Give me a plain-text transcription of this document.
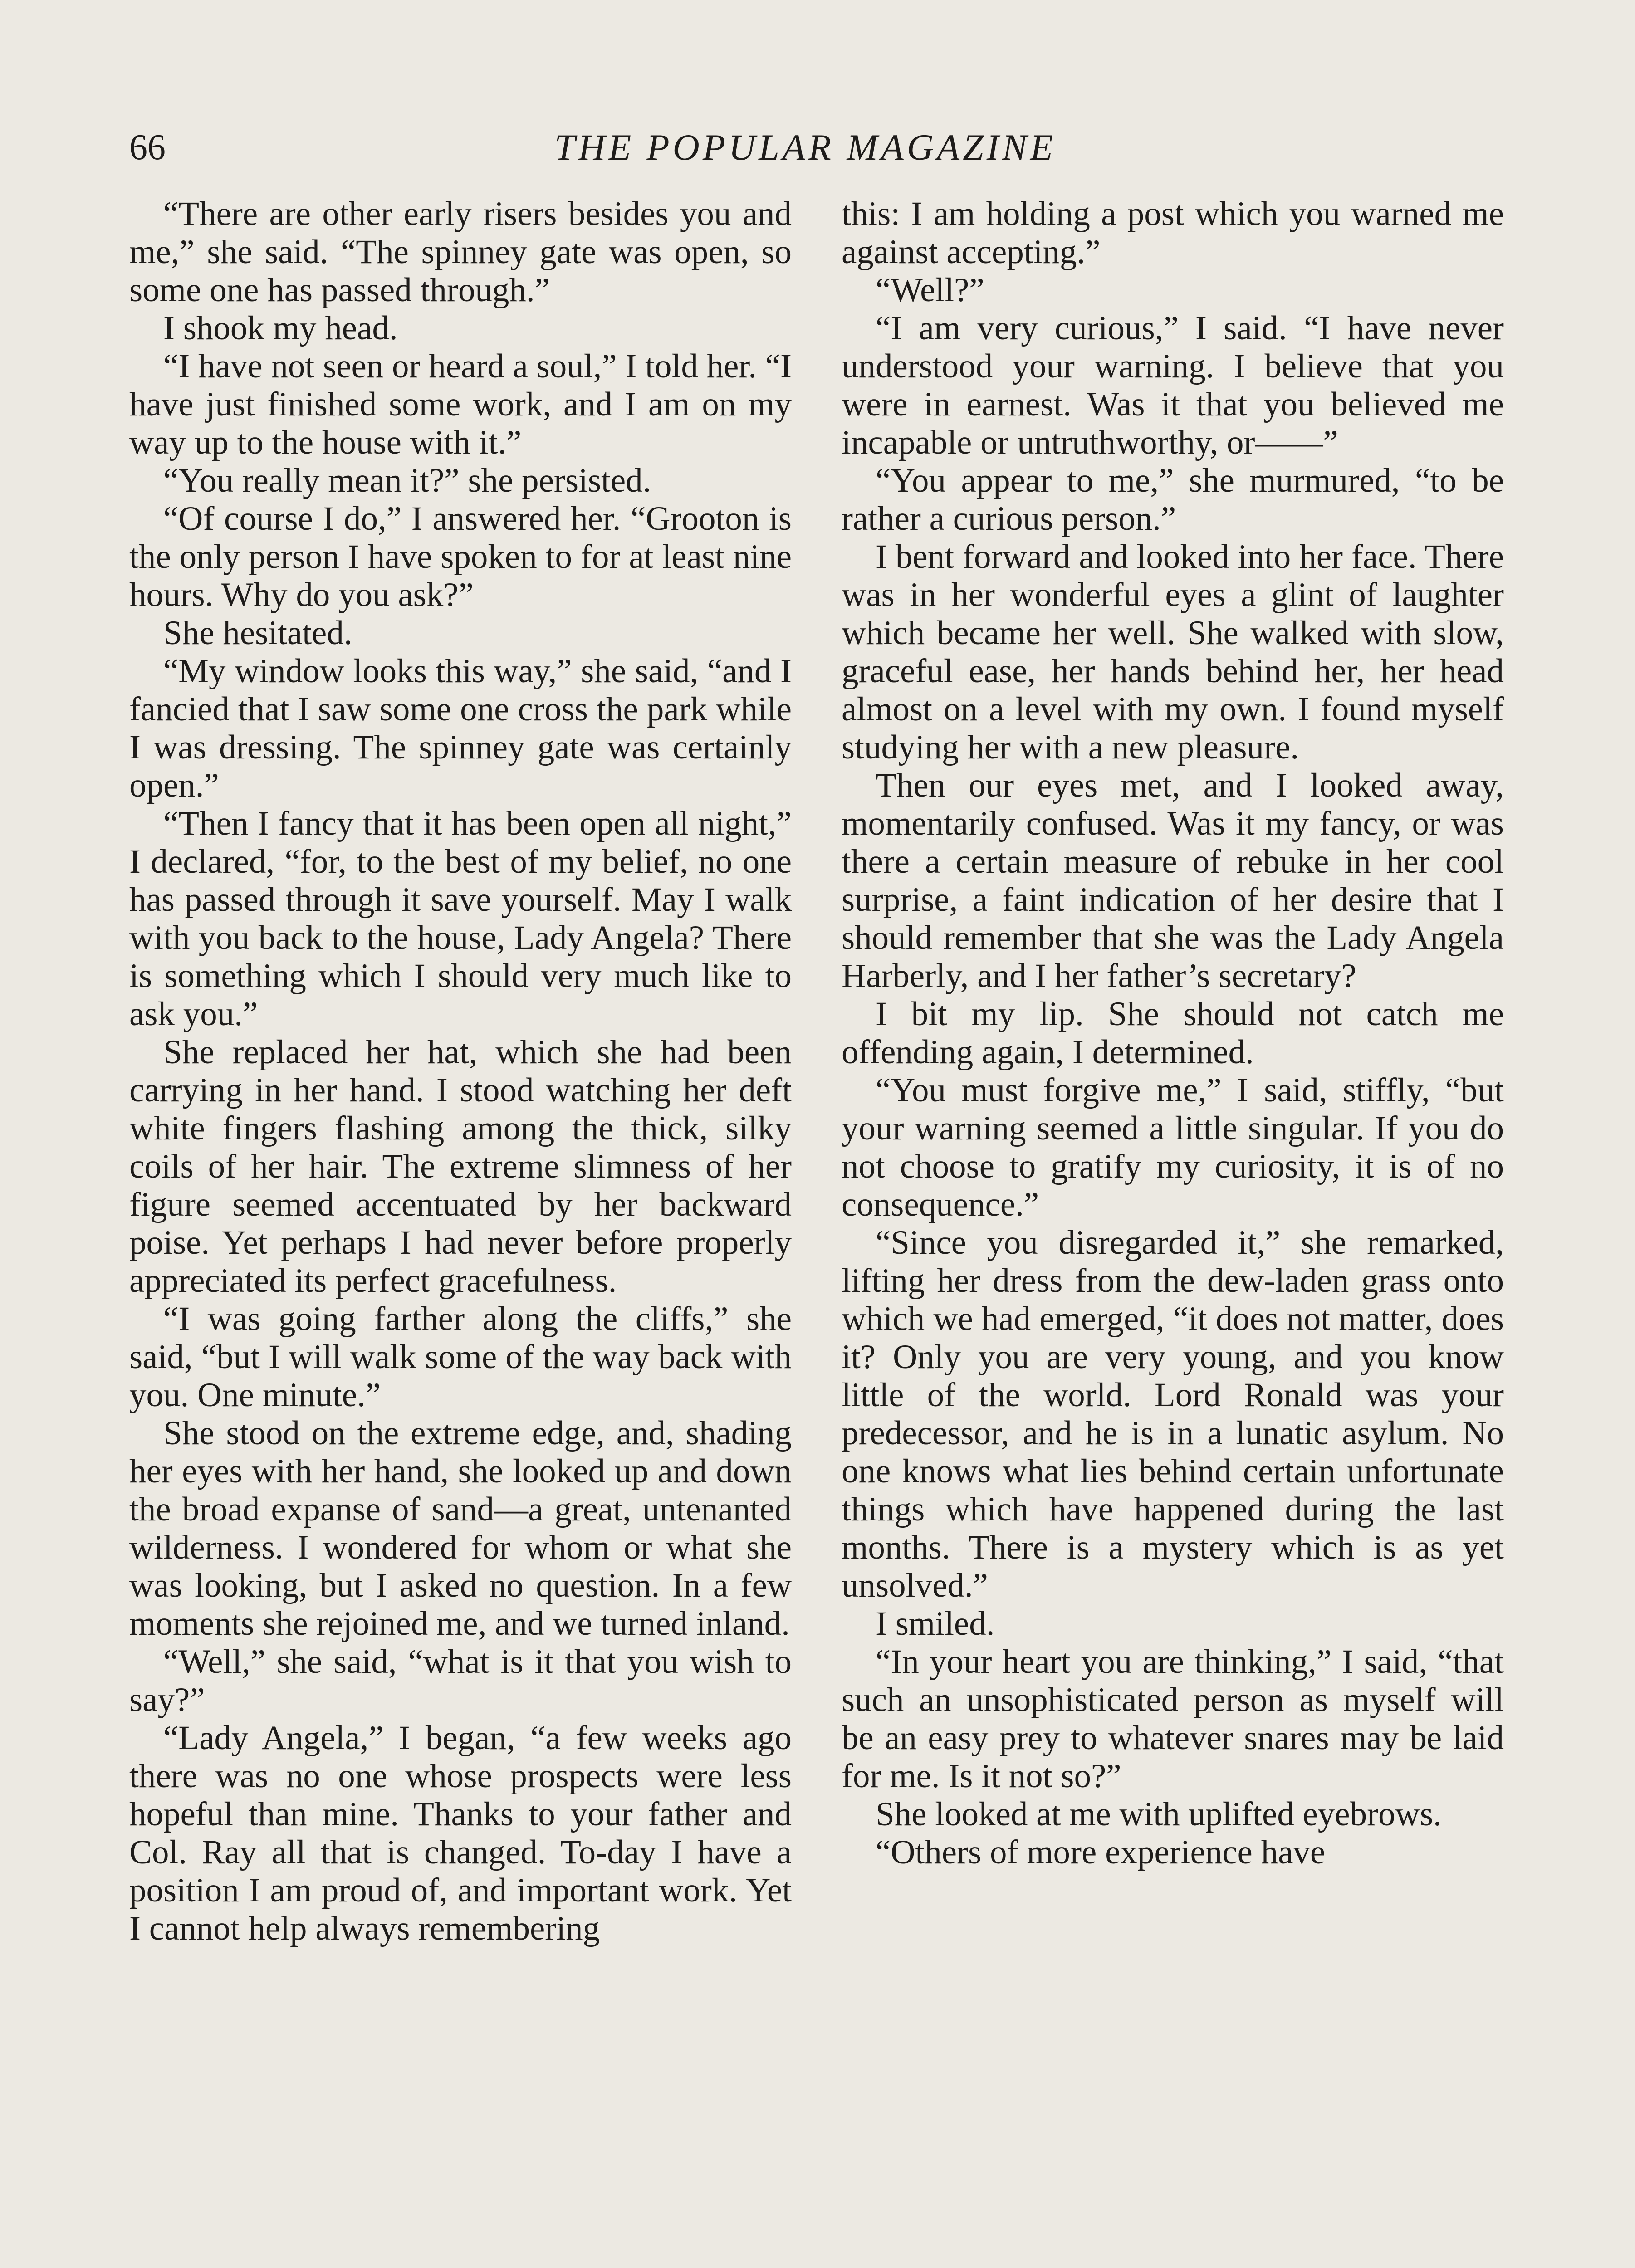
66	THE POPULAR MAGAZINE

“There are other early risers besides you and me,” she said. “The spinney gate was open, so some one has passed through.”

I shook my head.

“I have not seen or heard a soul,” I told her. “I have just finished some work, and I am on my way up to the house with it.”

“You really mean it?” she persisted.

“Of course I do,” I answered her. “Grooton is the only person I have spoken to for at least nine hours. Why do you ask?”

She hesitated.

“My window looks this way,” she said, “and I fancied that I saw some one cross the park while I was dressing. The spinney gate was certainly open.”

“Then I fancy that it has been open all night,” I declared, “for, to the best of my belief, no one has passed through it save yourself. May I walk with you back to the house, Lady Angela? There is something which I should very much like to ask you.”

She replaced her hat, which she had been carrying in her hand. I stood watching her deft white fingers flashing among the thick, silky coils of her hair. The extreme slimness of her figure seemed accentuated by her backward poise. Yet perhaps I had never before properly appreciated its perfect gracefulness.

“I was going farther along the cliffs,” she said, “but I will walk some of the way back with you. One minute.”

She stood on the extreme edge, and, shading her eyes with her hand, she looked up and down the broad expanse of sand—a great, untenanted wilderness. I wondered for whom or what she was looking, but I asked no question. In a few moments she rejoined me, and we turned inland.

“Well,” she said, “what is it that you wish to say?”

“Lady Angela,” I began, “a few weeks ago there was no one whose prospects were less hopeful than mine. Thanks to your father and Col. Ray all that is changed. To-day I have a position I am proud of, and important work. Yet I cannot help always remembering

this: I am holding a post which you warned me against accepting.”

“Well?”

“I am very curious,” I said. “I have never understood your warning. I believe that you were in earnest. Was it that you believed me incapable or untruthworthy, or——”

“You appear to me,” she murmured, “to be rather a curious person.”

I bent forward and looked into her face. There was in her wonderful eyes a glint of laughter which became her well. She walked with slow, graceful ease, her hands behind her, her head almost on a level with my own. I found myself studying her with a new pleasure.

Then our eyes met, and I looked away, momentarily confused. Was it my fancy, or was there a certain measure of rebuke in her cool surprise, a faint indication of her desire that I should remember that she was the Lady Angela Harberly, and I her father’s secretary?

I bit my lip. She should not catch me offending again, I determined.

“You must forgive me,” I said, stiffly, “but your warning seemed a little singular. If you do not choose to gratify my curiosity, it is of no consequence.”

“Since you disregarded it,” she remarked, lifting her dress from the dew-laden grass onto which we had emerged, “it does not matter, does it? Only you are very young, and you know little of the world. Lord Ronald was your predecessor, and he is in a lunatic asylum. No one knows what lies behind certain unfortunate things which have happened during the last months. There is a mystery which is as yet unsolved.”

I smiled.

“In your heart you are thinking,” I said, “that such an unsophisticated person as myself will be an easy prey to whatever snares may be laid for me. Is it not so?”

She looked at me with uplifted eyebrows.

“Others of more experience have
